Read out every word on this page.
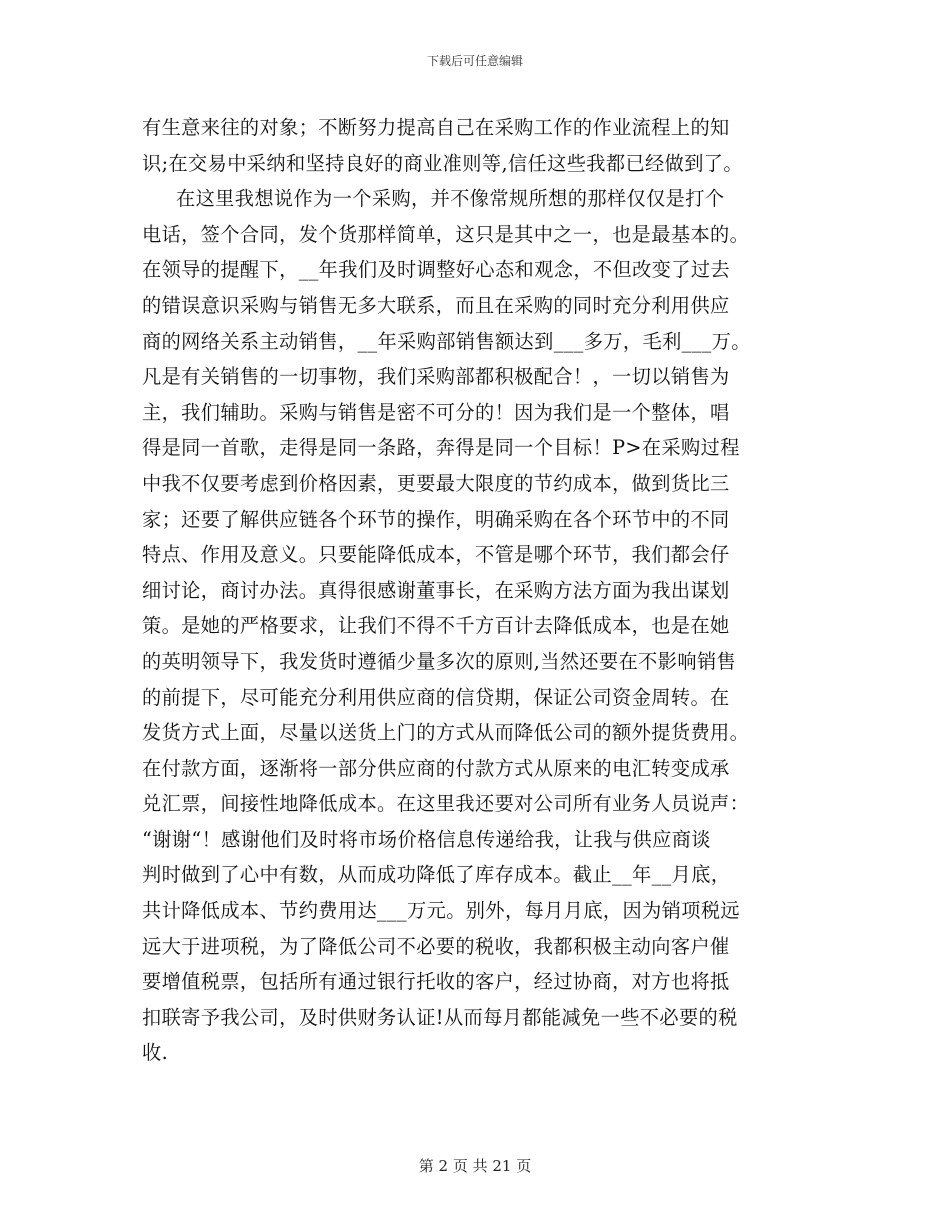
下载后可任意编辑
有生意来往的对象；不断努力提高自己在采购工作的作业流程上的知
识;在交易中采纳和坚持良好的商业准则等,信任这些我都已经做到了。
在这里我想说作为一个采购，并不像常规所想的那样仅仅是打个
电话，签个合同，发个货那样简单，这只是其中之一，也是最基本的。
在领导的提醒下，__年我们及时调整好心态和观念，不但改变了过去
的错误意识采购与销售无多大联系，而且在采购的同时充分利用供应
商的网络关系主动销售，__年采购部销售额达到___多万，毛利___万。
凡是有关销售的一切事物，我们采购部都积极配合！，一切以销售为
主，我们辅助。采购与销售是密不可分的！因为我们是一个整体，唱
得是同一首歌，走得是同一条路，奔得是同一个目标！P>在采购过程
中我不仅要考虑到价格因素，更要最大限度的节约成本，做到货比三
家；还要了解供应链各个环节的操作，明确采购在各个环节中的不同
特点、作用及意义。只要能降低成本，不管是哪个环节，我们都会仔
细讨论，商讨办法。真得很感谢董事长，在采购方法方面为我出谋划
策。是她的严格要求，让我们不得不千方百计去降低成本，也是在她
的英明领导下，我发货时遵循少量多次的原则,当然还要在不影响销售
的前提下，尽可能充分利用供应商的信贷期，保证公司资金周转。在
发货方式上面，尽量以送货上门的方式从而降低公司的额外提货费用。
在付款方面，逐渐将一部分供应商的付款方式从原来的电汇转变成承
兑汇票，间接性地降低成本。在这里我还要对公司所有业务人员说声：
“谢谢“！感谢他们及时将市场价格信息传递给我，让我与供应商谈
判时做到了心中有数，从而成功降低了库存成本。截止__年__月底，
共计降低成本、节约费用达___万元。别外，每月月底，因为销项税远
远大于进项税，为了降低公司不必要的税收，我都积极主动向客户催
要增值税票，包括所有通过银行托收的客户，经过协商，对方也将抵
扣联寄予我公司，及时供财务认证!从而每月都能减免一些不必要的税
收.
第 2 页 共 21 页
